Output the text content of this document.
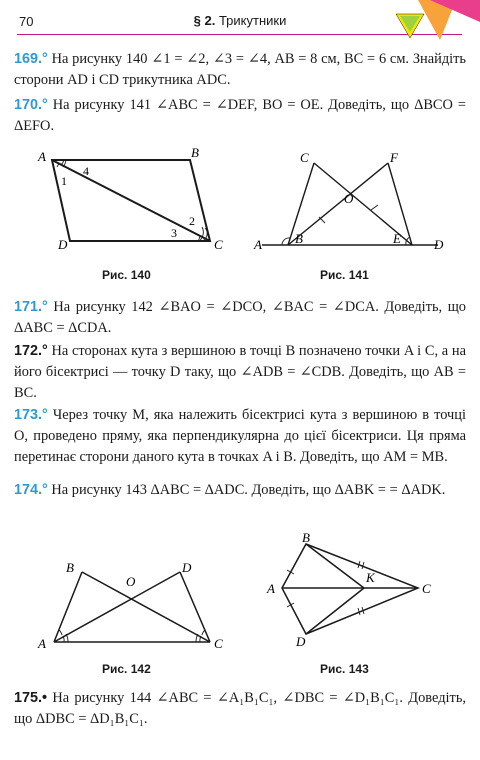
70	§ 2. Трикутники
169.° На рисунку 140 ∠1 = ∠2, ∠3 = ∠4, AB = 8 см, BC = 6 см. Знайдіть сторони AD і CD трикутника ADC.
170.° На рисунку 141 ∠ABC = ∠DEF, BO = OE. Доведіть, що ΔBCO = ΔEFO.
A	B
C
D
1
2
3
4
Рис. 140
A	B
C
D
E
F
O
Рис. 141
171.° На рисунку 142 ∠BAO = ∠DCO, ∠BAC = ∠DCA. Доведіть, що ΔABC = ΔCDA.
172.° На сторонах кута з вершиною в точці B позначено точки A і C, а на його бісектрисі — точку D таку, що ∠ADB = ∠CDB. Доведіть, що AB = BC.
173.° Через точку M, яка належить бісектрисі кута з вершиною в точці O, проведено пряму, яка перпендикулярна до цієї бісектриси. Ця пряма перетинає сторони даного кута в точках A і B. Доведіть, що AM = MB.
174.° На рисунку 143 ΔABC = ΔADC. Доведіть, що ΔABK = = ΔADK.
A
B
C
D
O
Рис. 142
A
B
C
D
K
Рис. 143
175.• На рисунку 144 ∠ABC = ∠A₁B₁C₁, ∠DBC = ∠D₁B₁C₁. Доведіть, що ΔDBC = ΔD₁B₁C₁.
